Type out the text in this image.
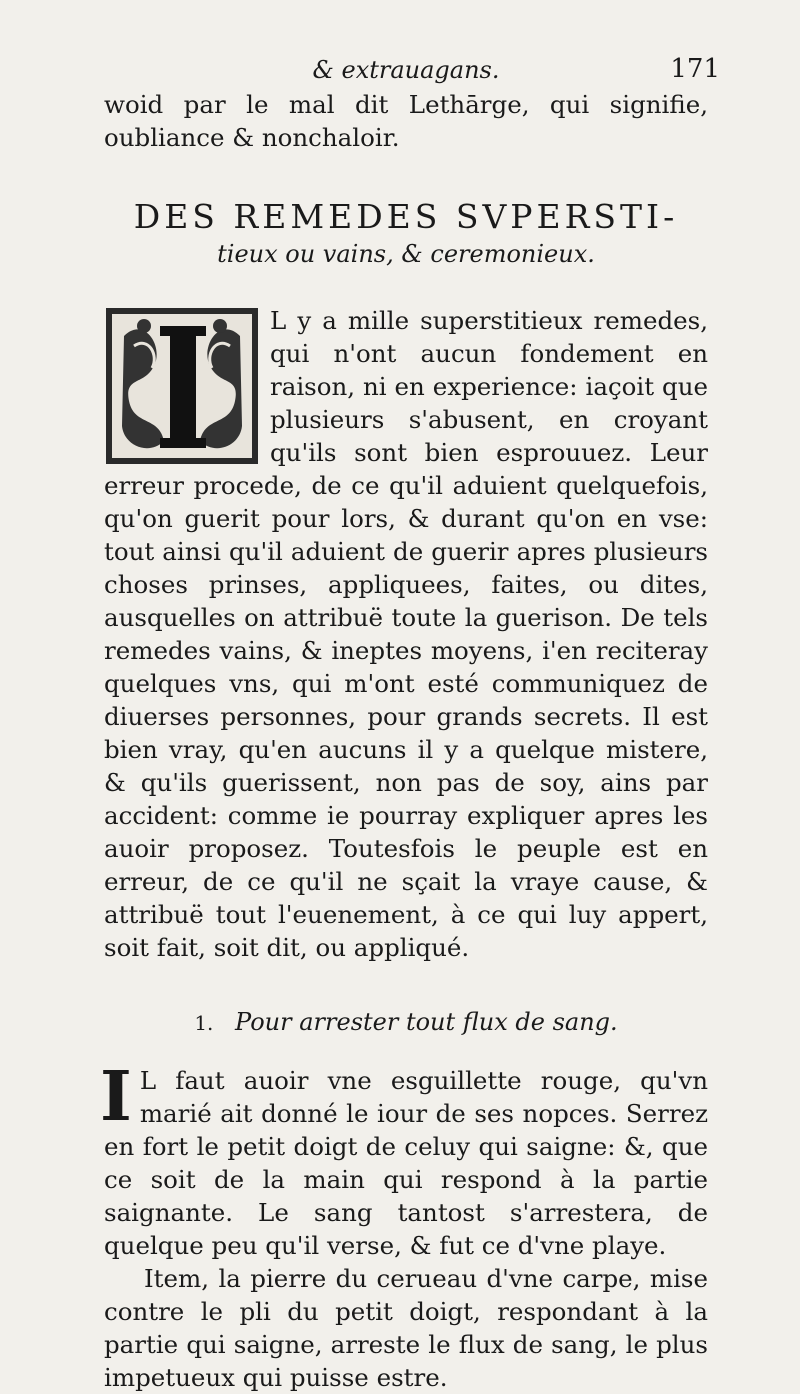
& extrauagans.	171

woid par le mal dit Lethārge, qui signifie, oubliance & nonchaloir.

DES REMEDES SVPERSTI-
tieux ou vains, & ceremonieux.

L y a mille superstitieux remedes, qui n'ont aucun fondement en raison, ni en experience: iaçoit que plusieurs s'abusent, en croyant qu'ils sont bien esprouuez. Leur erreur procede, de ce qu'il aduient quelquefois, qu'on guerit pour lors, & durant qu'on en vse: tout ainsi qu'il aduient de guerir apres plusieurs choses prinses, appliquees, faites, ou dites, ausquelles on attribuë toute la guerison. De tels remedes vains, & ineptes moyens, i'en reciteray quelques vns, qui m'ont esté communiquez de diuerses personnes, pour grands secrets. Il est bien vray, qu'en aucuns il y a quelque mistere, & qu'ils guerissent, non pas de soy, ains par accident: comme ie pourray expliquer apres les auoir proposez. Toutesfois le peuple est en erreur, de ce qu'il ne sçait la vraye cause, & attribuë tout l'euenement, à ce qui luy appert, soit fait, soit dit, ou appliqué.

1. Pour arrester tout flux de sang.
I L faut auoir vne esguillette rouge, qu'vn marié ait donné le iour de ses nopces. Serrez en fort le petit doigt de celuy qui saigne: &, que ce soit de la main qui respond à la partie saignante. Le sang tantost s'arrestera, de quelque peu qu'il verse, & fut ce d'vne playe.

Item, la pierre du cerueau d'vne carpe, mise contre le pli du petit doigt, respondant à la partie qui saigne, arreste le flux de sang, le plus impetueux qui puisse estre.
